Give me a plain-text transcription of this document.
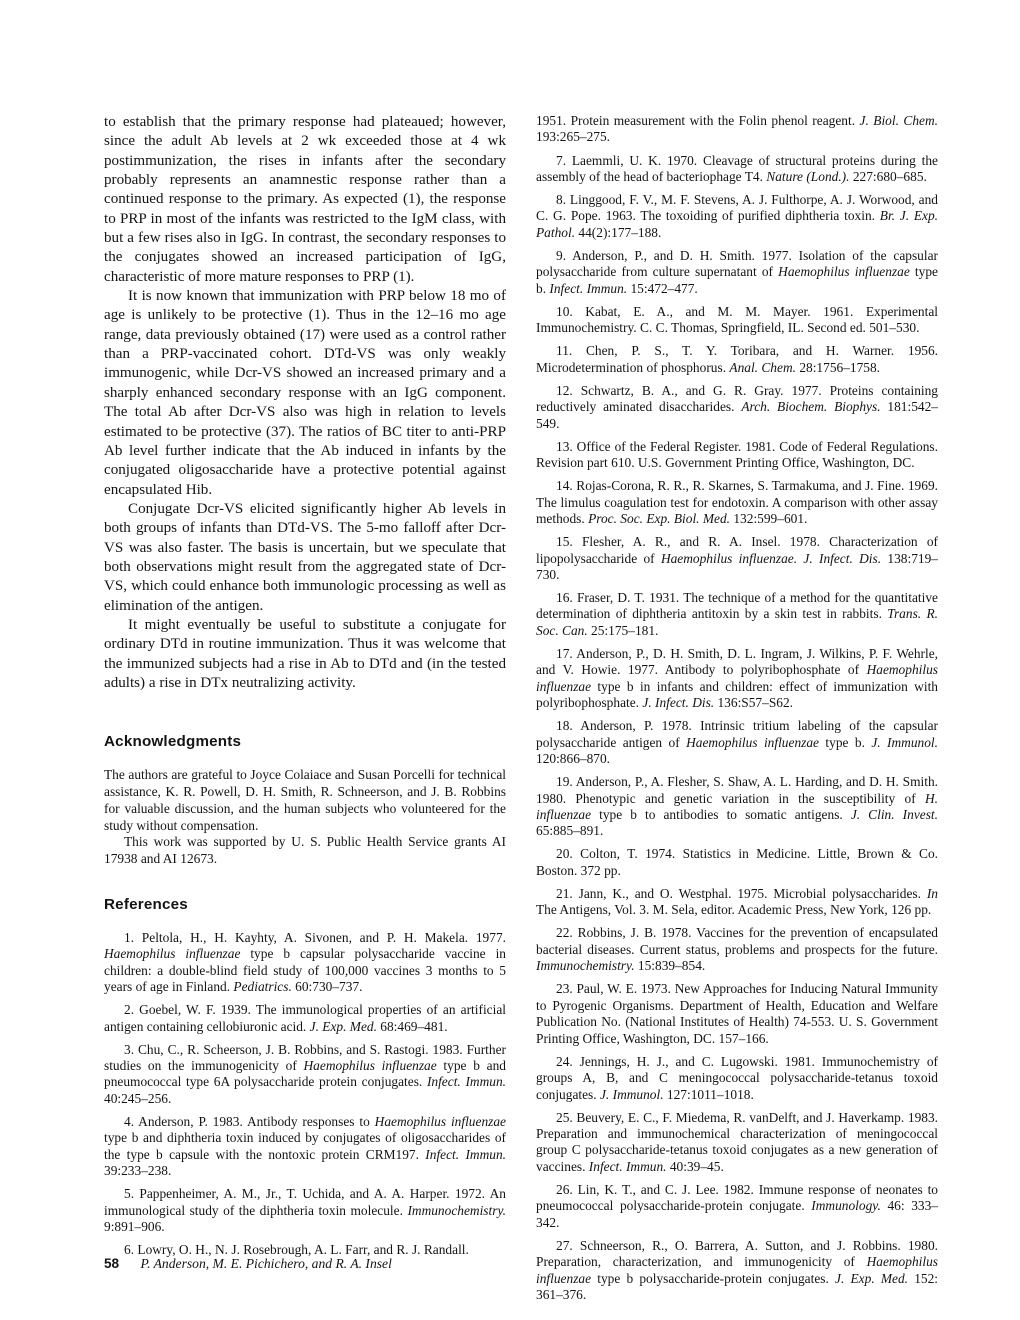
to establish that the primary response had plateaued; however, since the adult Ab levels at 2 wk exceeded those at 4 wk postimmunization, the rises in infants after the secondary probably represents an anamnestic response rather than a continued response to the primary. As expected (1), the response to PRP in most of the infants was restricted to the IgM class, with but a few rises also in IgG. In contrast, the secondary responses to the conjugates showed an increased participation of IgG, characteristic of more mature responses to PRP (1).

It is now known that immunization with PRP below 18 mo of age is unlikely to be protective (1). Thus in the 12–16 mo age range, data previously obtained (17) were used as a control rather than a PRP-vaccinated cohort. DTd-VS was only weakly immunogenic, while Dcr-VS showed an increased primary and a sharply enhanced secondary response with an IgG component. The total Ab after Dcr-VS also was high in relation to levels estimated to be protective (37). The ratios of BC titer to anti-PRP Ab level further indicate that the Ab induced in infants by the conjugated oligosaccharide have a protective potential against encapsulated Hib.

Conjugate Dcr-VS elicited significantly higher Ab levels in both groups of infants than DTd-VS. The 5-mo falloff after Dcr-VS was also faster. The basis is uncertain, but we speculate that both observations might result from the aggregated state of Dcr-VS, which could enhance both immunologic processing as well as elimination of the antigen.

It might eventually be useful to substitute a conjugate for ordinary DTd in routine immunization. Thus it was welcome that the immunized subjects had a rise in Ab to DTd and (in the tested adults) a rise in DTx neutralizing activity.

Acknowledgments

The authors are grateful to Joyce Colaiace and Susan Porcelli for technical assistance, K. R. Powell, D. H. Smith, R. Schneerson, and J. B. Robbins for valuable discussion, and the human subjects who volunteered for the study without compensation.

This work was supported by U. S. Public Health Service grants AI 17938 and AI 12673.

References

1. Peltola, H., H. Kayhty, A. Sivonen, and P. H. Makela. 1977. Haemophilus influenzae type b capsular polysaccharide vaccine in children: a double-blind field study of 100,000 vaccines 3 months to 5 years of age in Finland. Pediatrics. 60:730–737.

2. Goebel, W. F. 1939. The immunological properties of an artificial antigen containing cellobiuronic acid. J. Exp. Med. 68:469–481.

3. Chu, C., R. Scheerson, J. B. Robbins, and S. Rastogi. 1983. Further studies on the immunogenicity of Haemophilus influenzae type b and pneumococcal type 6A polysaccharide protein conjugates. Infect. Immun. 40:245–256.

4. Anderson, P. 1983. Antibody responses to Haemophilus influenzae type b and diphtheria toxin induced by conjugates of oligosaccharides of the type b capsule with the nontoxic protein CRM197. Infect. Immun. 39:233–238.

5. Pappenheimer, A. M., Jr., T. Uchida, and A. A. Harper. 1972. An immunological study of the diphtheria toxin molecule. Immunochemistry. 9:891–906.

6. Lowry, O. H., N. J. Rosebrough, A. L. Farr, and R. J. Randall.

1951. Protein measurement with the Folin phenol reagent. J. Biol. Chem. 193:265–275.

7. Laemmli, U. K. 1970. Cleavage of structural proteins during the assembly of the head of bacteriophage T4. Nature (Lond.). 227:680–685.

8. Linggood, F. V., M. F. Stevens, A. J. Fulthorpe, A. J. Worwood, and C. G. Pope. 1963. The toxoiding of purified diphtheria toxin. Br. J. Exp. Pathol. 44(2):177–188.

9. Anderson, P., and D. H. Smith. 1977. Isolation of the capsular polysaccharide from culture supernatant of Haemophilus influenzae type b. Infect. Immun. 15:472–477.

10. Kabat, E. A., and M. M. Mayer. 1961. Experimental Immunochemistry. C. C. Thomas, Springfield, IL. Second ed. 501–530.

11. Chen, P. S., T. Y. Toribara, and H. Warner. 1956. Microdetermination of phosphorus. Anal. Chem. 28:1756–1758.

12. Schwartz, B. A., and G. R. Gray. 1977. Proteins containing reductively aminated disaccharides. Arch. Biochem. Biophys. 181:542–549.

13. Office of the Federal Register. 1981. Code of Federal Regulations. Revision part 610. U.S. Government Printing Office, Washington, DC.

14. Rojas-Corona, R. R., R. Skarnes, S. Tarmakuma, and J. Fine. 1969. The limulus coagulation test for endotoxin. A comparison with other assay methods. Proc. Soc. Exp. Biol. Med. 132:599–601.

15. Flesher, A. R., and R. A. Insel. 1978. Characterization of lipopolysaccharide of Haemophilus influenzae. J. Infect. Dis. 138:719–730.

16. Fraser, D. T. 1931. The technique of a method for the quantitative determination of diphtheria antitoxin by a skin test in rabbits. Trans. R. Soc. Can. 25:175–181.

17. Anderson, P., D. H. Smith, D. L. Ingram, J. Wilkins, P. F. Wehrle, and V. Howie. 1977. Antibody to polyribophosphate of Haemophilus influenzae type b in infants and children: effect of immunization with polyribophosphate. J. Infect. Dis. 136:S57–S62.

18. Anderson, P. 1978. Intrinsic tritium labeling of the capsular polysaccharide antigen of Haemophilus influenzae type b. J. Immunol. 120:866–870.

19. Anderson, P., A. Flesher, S. Shaw, A. L. Harding, and D. H. Smith. 1980. Phenotypic and genetic variation in the susceptibility of H. influenzae type b to antibodies to somatic antigens. J. Clin. Invest. 65:885–891.

20. Colton, T. 1974. Statistics in Medicine. Little, Brown & Co. Boston. 372 pp.

21. Jann, K., and O. Westphal. 1975. Microbial polysaccharides. In The Antigens, Vol. 3. M. Sela, editor. Academic Press, New York, 126 pp.

22. Robbins, J. B. 1978. Vaccines for the prevention of encapsulated bacterial diseases. Current status, problems and prospects for the future. Immunochemistry. 15:839–854.

23. Paul, W. E. 1973. New Approaches for Inducing Natural Immunity to Pyrogenic Organisms. Department of Health, Education and Welfare Publication No. (National Institutes of Health) 74-553. U. S. Government Printing Office, Washington, DC. 157–166.

24. Jennings, H. J., and C. Lugowski. 1981. Immunochemistry of groups A, B, and C meningococcal polysaccharide-tetanus toxoid conjugates. J. Immunol. 127:1011–1018.

25. Beuvery, E. C., F. Miedema, R. vanDelft, and J. Haverkamp. 1983. Preparation and immunochemical characterization of meningococcal group C polysaccharide-tetanus toxoid conjugates as a new generation of vaccines. Infect. Immun. 40:39–45.

26. Lin, K. T., and C. J. Lee. 1982. Immune response of neonates to pneumococcal polysaccharide-protein conjugate. Immunology. 46: 333–342.

27. Schneerson, R., O. Barrera, A. Sutton, and J. Robbins. 1980. Preparation, characterization, and immunogenicity of Haemophilus influenzae type b polysaccharide-protein conjugates. J. Exp. Med. 152: 361–376.

58 P. Anderson, M. E. Pichichero, and R. A. Insel
